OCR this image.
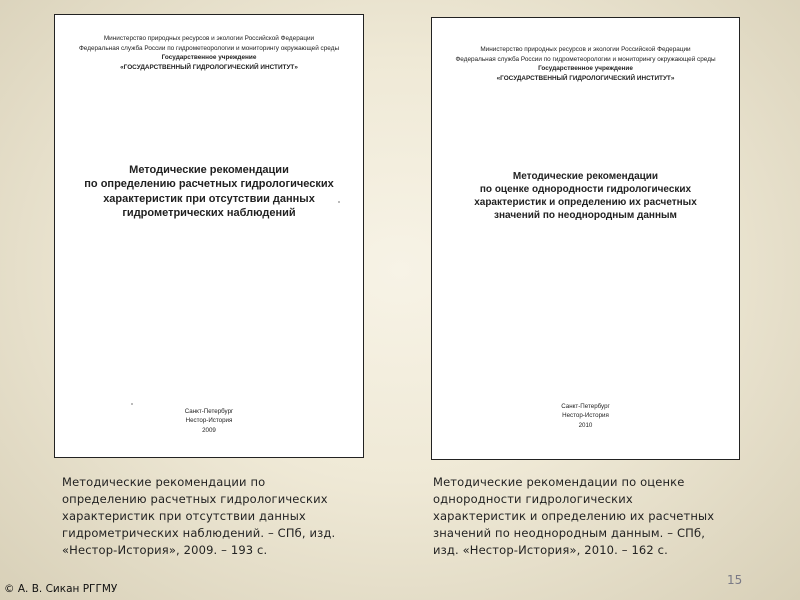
Министерство природных ресурсов и экологии Российской Федерации
Федеральная служба России по гидрометеорологии и мониторингу окружающей среды
Государственное учреждение
«ГОСУДАРСТВЕННЫЙ ГИДРОЛОГИЧЕСКИЙ ИНСТИТУТ»
Методические рекомендации
по определению расчетных гидрологических
характеристик при отсутствии данных
гидрометрических наблюдений
Санкт-Петербург
Нестор-История
2009
Министерство природных ресурсов и экологии Российской Федерации
Федеральная служба России по гидрометеорологии и мониторингу окружающей среды
Государственное учреждение
«ГОСУДАРСТВЕННЫЙ ГИДРОЛОГИЧЕСКИЙ ИНСТИТУТ»
Методические рекомендации
по оценке однородности гидрологических
характеристик и определению их расчетных
значений по неоднородным данным
Санкт-Петербург
Нестор-История
2010
Методические рекомендации по
определению расчетных гидрологических
характеристик при отсутствии данных
гидрометрических наблюдений. – СПб, изд.
«Нестор-История», 2009. – 193 с.
Методические рекомендации по оценке
однородности гидрологических
характеристик и определению их расчетных
значений по неоднородным данным. – СПб,
изд. «Нестор-История», 2010. – 162 с.
© А. В. Сикан РГГМУ
15
